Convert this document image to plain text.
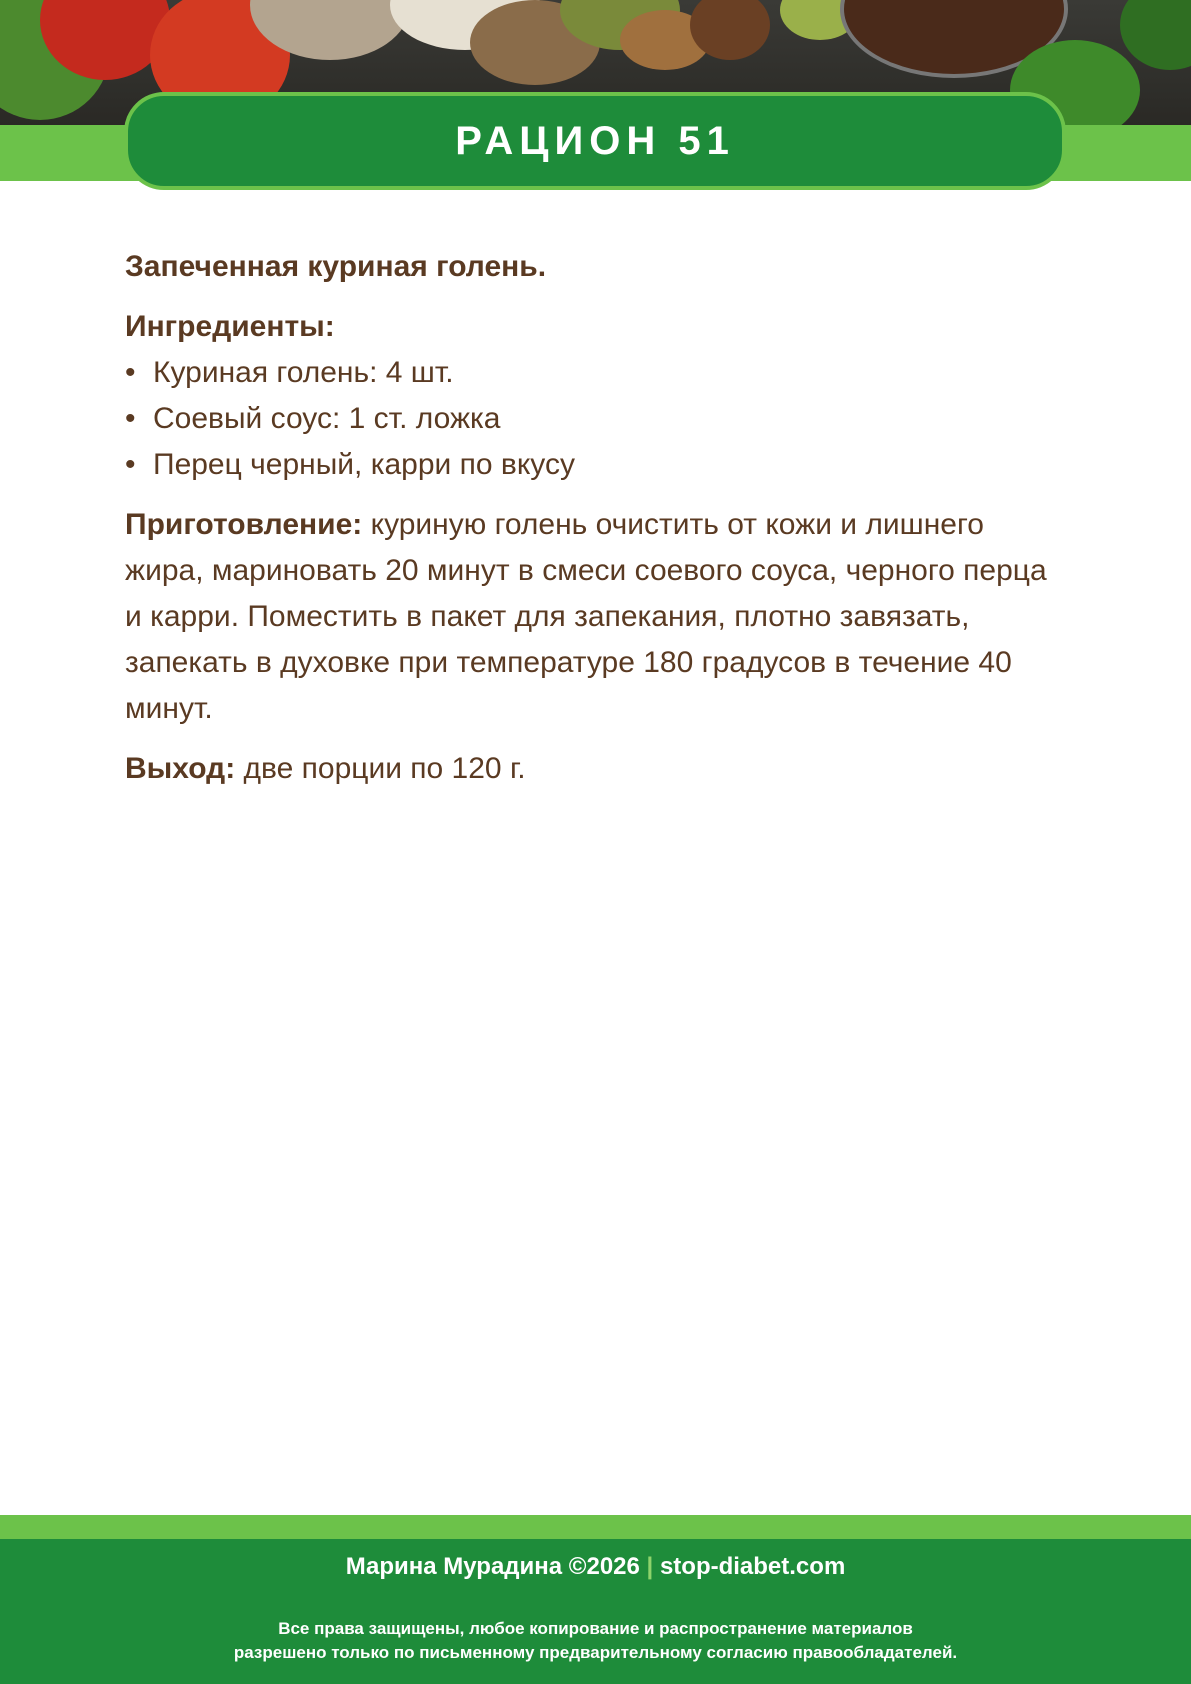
РАЦИОН 51

Запеченная куриная голень.

Ингредиенты:

• Куриная голень: 4 шт.
• Соевый соус: 1 ст. ложка
• Перец черный, карри по вкусу

Приготовление: куриную голень очистить от кожи и лишнего жира, мариновать 20 минут в смеси соевого соуса, черного перца и карри. Поместить в пакет для запекания, плотно завязать, запекать в духовке при температуре 180 градусов в течение 40 минут.

Выход: две порции по 120 г.

Марина Мурадина ©2026 | stop-diabet.com
Все права защищены, любое копирование и распространение материалов
разрешено только по письменному предварительному согласию правообладателей.
